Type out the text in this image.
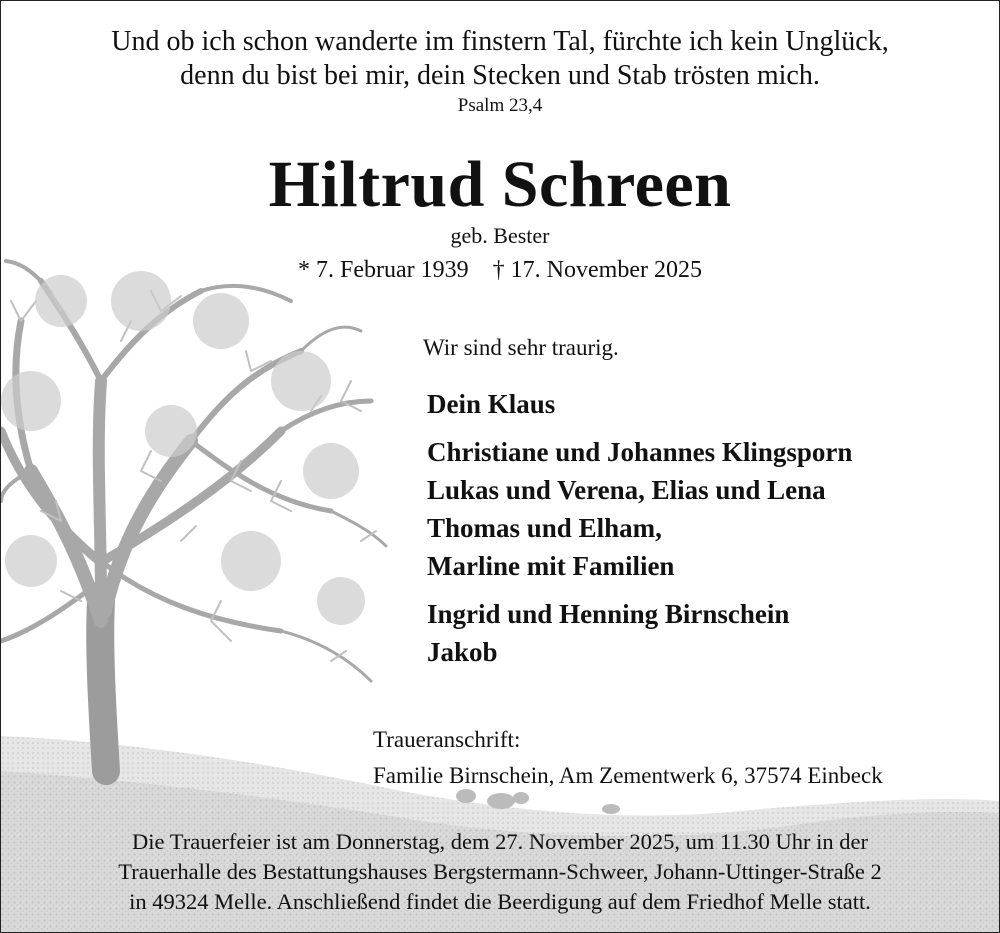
Und ob ich schon wanderte im finstern Tal, fürchte ich kein Unglück,
denn du bist bei mir, dein Stecken und Stab trösten mich.
Psalm 23,4
Hiltrud Schreen
geb. Bester
* 7. Februar 1939 † 17. November 2025
Wir sind sehr traurig.
Dein Klaus
Christiane und Johannes Klingsporn
Lukas und Verena, Elias und Lena
Thomas und Elham,
Marline mit Familien
Ingrid und Henning Birnschein
Jakob
Traueranschrift:
Familie Birnschein, Am Zementwerk 6, 37574 Einbeck
Die Trauerfeier ist am Donnerstag, dem 27. November 2025, um 11.30 Uhr in der
Trauerhalle des Bestattungshauses Bergstermann-Schweer, Johann-Uttinger-Straße 2
in 49324 Melle. Anschließend findet die Beerdigung auf dem Friedhof Melle statt.
